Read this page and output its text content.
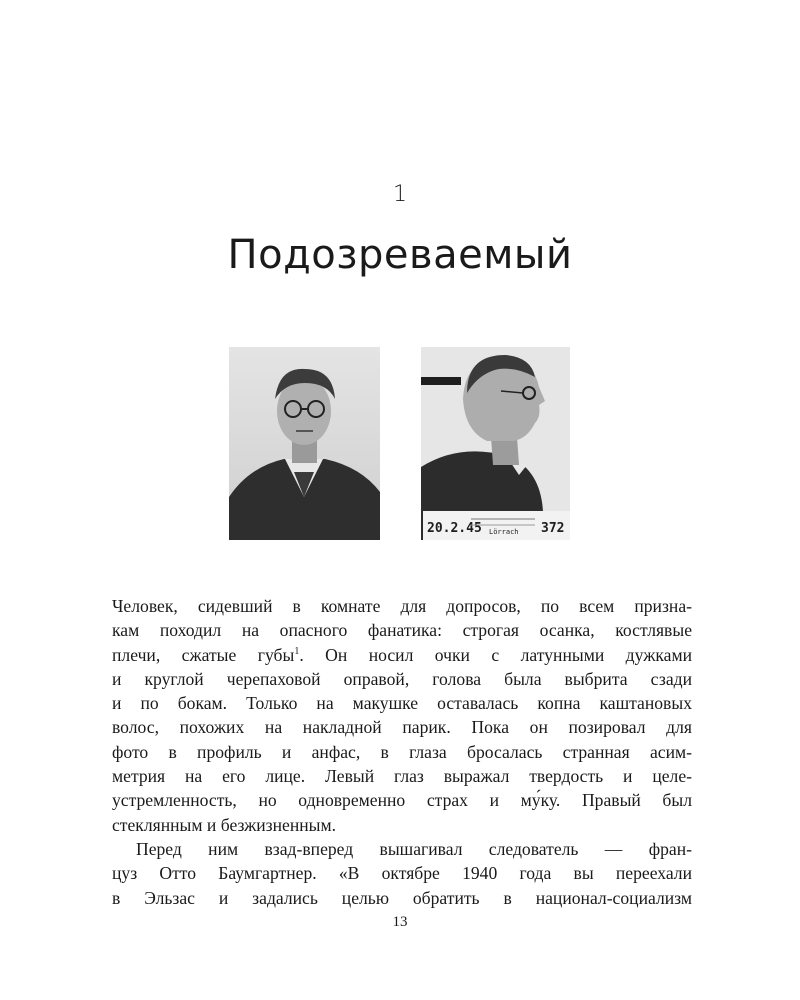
1
Подозреваемый
20.2.45 Lörrach 372

Человек, сидевший в комнате для допросов, по всем призна-
кам походил на опасного фанатика: строгая осанка, костлявые
плечи, сжатые губы$^1$. Он носил очки с латунными дужками
и круглой черепаховой оправой, голова была выбрита сзади
и по бокам. Только на макушке оставалась копна каштановых
волос, похожих на накладной парик. Пока он позировал для
фото в профиль и анфас, в глаза бросалась странная асим-
метрия на его лице. Левый глаз выражал твердость и целе-
устремленность, но одновременно страх и му́ку. Правый был
стеклянным и безжизненным.

Перед ним взад-вперед вышагивал следователь — фран-
цуз Отто Баумгартнер. «В октябре 1940 года вы переехали
в Эльзас и задались целью обратить в национал-социализм

13
